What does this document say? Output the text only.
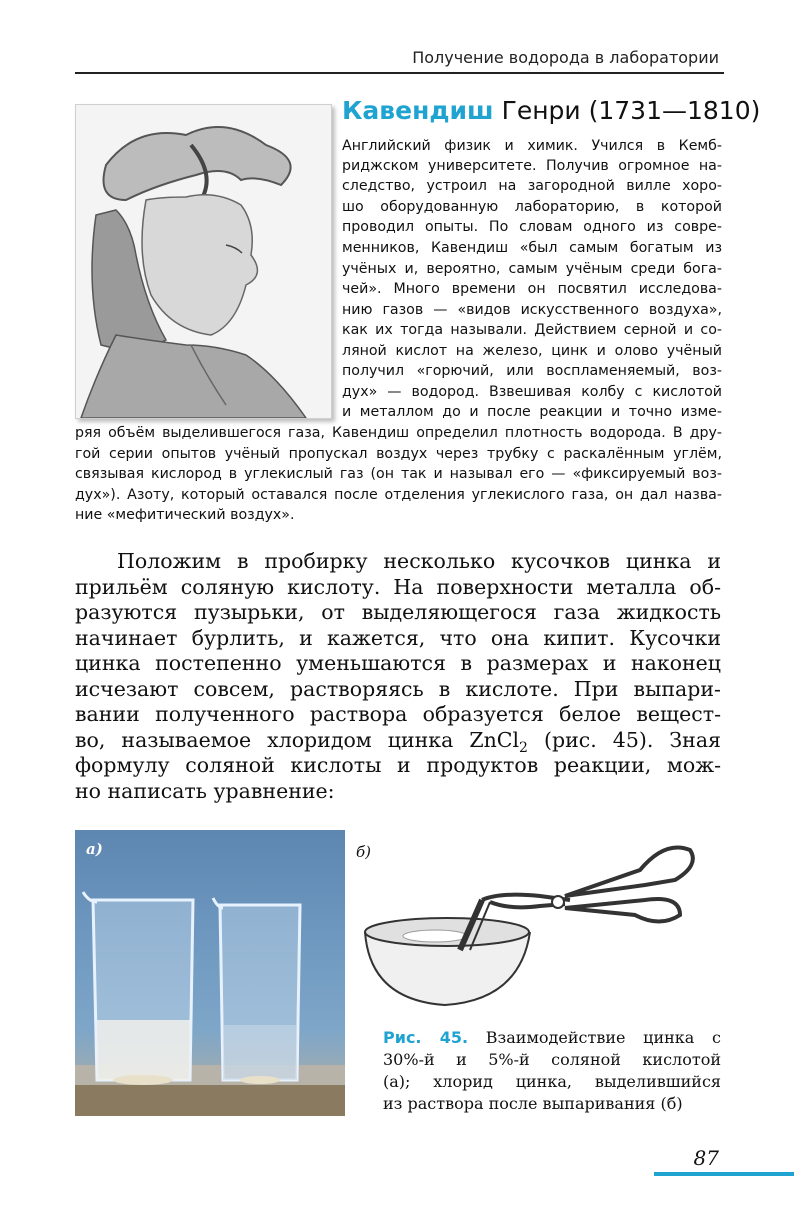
Получение водорода в лаборатории
Кавендиш Генри (1731—1810)
Английский физик и химик. Учился в Кемб-
риджском университете. Получив огромное на-
следство, устроил на загородной вилле хоро-
шо оборудованную лабораторию, в которой
проводил опыты. По словам одного из совре-
менников, Кавендиш «был самым богатым из
учёных и, вероятно, самым учёным среди бога-
чей». Много времени он посвятил исследова-
нию газов — «видов искусственного воздуха»,
как их тогда называли. Действием серной и со-
ляной кислот на железо, цинк и олово учёный
получил «горючий, или воспламеняемый, воз-
дух» — водород. Взвешивая колбу с кислотой
и металлом до и после реакции и точно изме-
ряя объём выделившегося газа, Кавендиш определил плотность водорода. В дру-
гой серии опытов учёный пропускал воздух через трубку с раскалённым углём,
связывая кислород в углекислый газ (он так и называл его — «фиксируемый воз-
дух»). Азоту, который оставался после отделения углекислого газа, он дал назва-
ние «мефитический воздух».
Положим в пробирку несколько кусочков цинка и
прильём соляную кислоту. На поверхности металла об-
разуются пузырьки, от выделяющегося газа жидкость
начинает бурлить, и кажется, что она кипит. Кусочки
цинка постепенно уменьшаются в размерах и наконец
исчезают совсем, растворяясь в кислоте. При выпари-
вании полученного раствора образуется белое вещест-
во, называемое хлоридом цинка ZnCl$_2$ (рис. 45). Зная
формулу соляной кислоты и продуктов реакции, мож-
но написать уравнение:
а)	б)
Рис. 45. Взаимодействие цинка с
30%-й и 5%-й соляной кислотой
(а); хлорид цинка, выделившийся
из раствора после выпаривания (б)
87
